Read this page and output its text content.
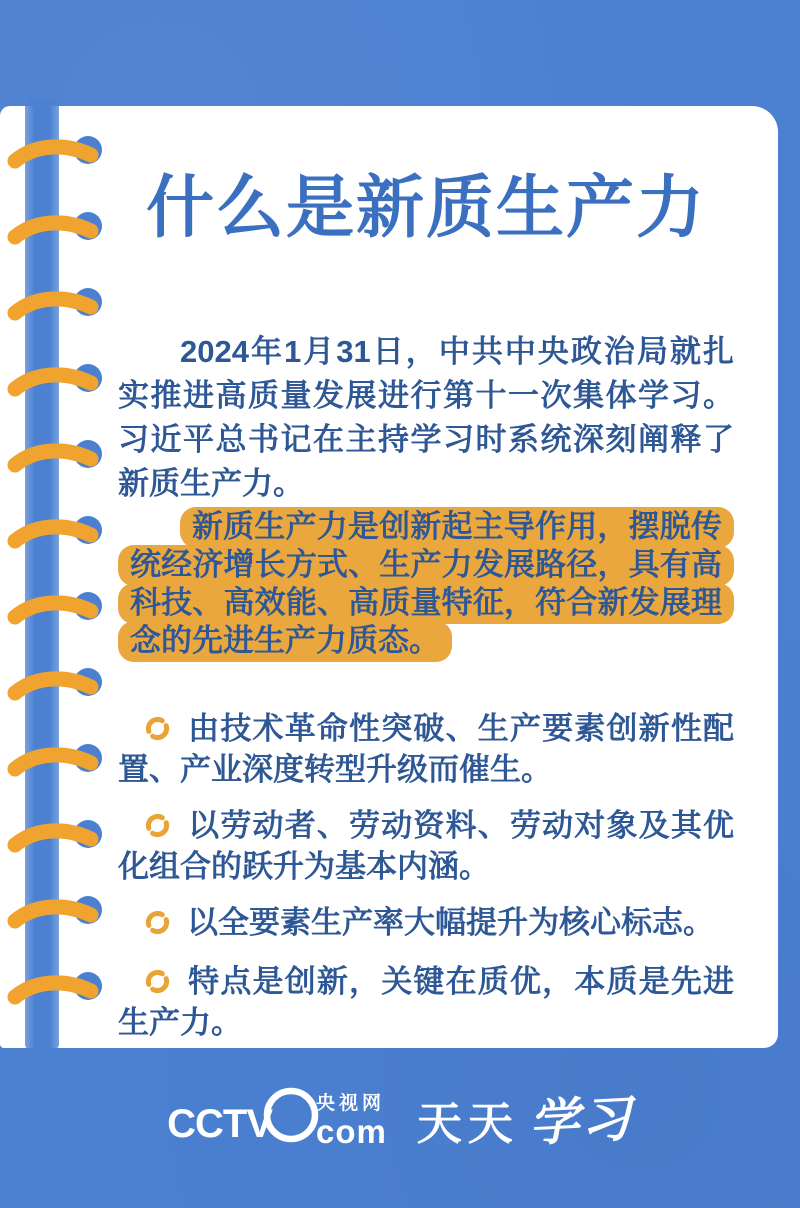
什么是新质生产力

2024年1月31日，中共中央政治局就扎实推进高质量发展进行第十一次集体学习。习近平总书记在主持学习时系统深刻阐释了新质生产力。

新质生产力是创新起主导作用，摆脱传统经济增长方式、生产力发展路径，具有高科技、高效能、高质量特征，符合新发展理念的先进生产力质态。

由技术革命性突破、生产要素创新性配置、产业深度转型升级而催生。
以劳动者、劳动资料、劳动对象及其优化组合的跃升为基本内涵。
以全要素生产率大幅提升为核心标志。
特点是创新，关键在质优，本质是先进生产力。
CCTV 央视网
com 天天 学习
